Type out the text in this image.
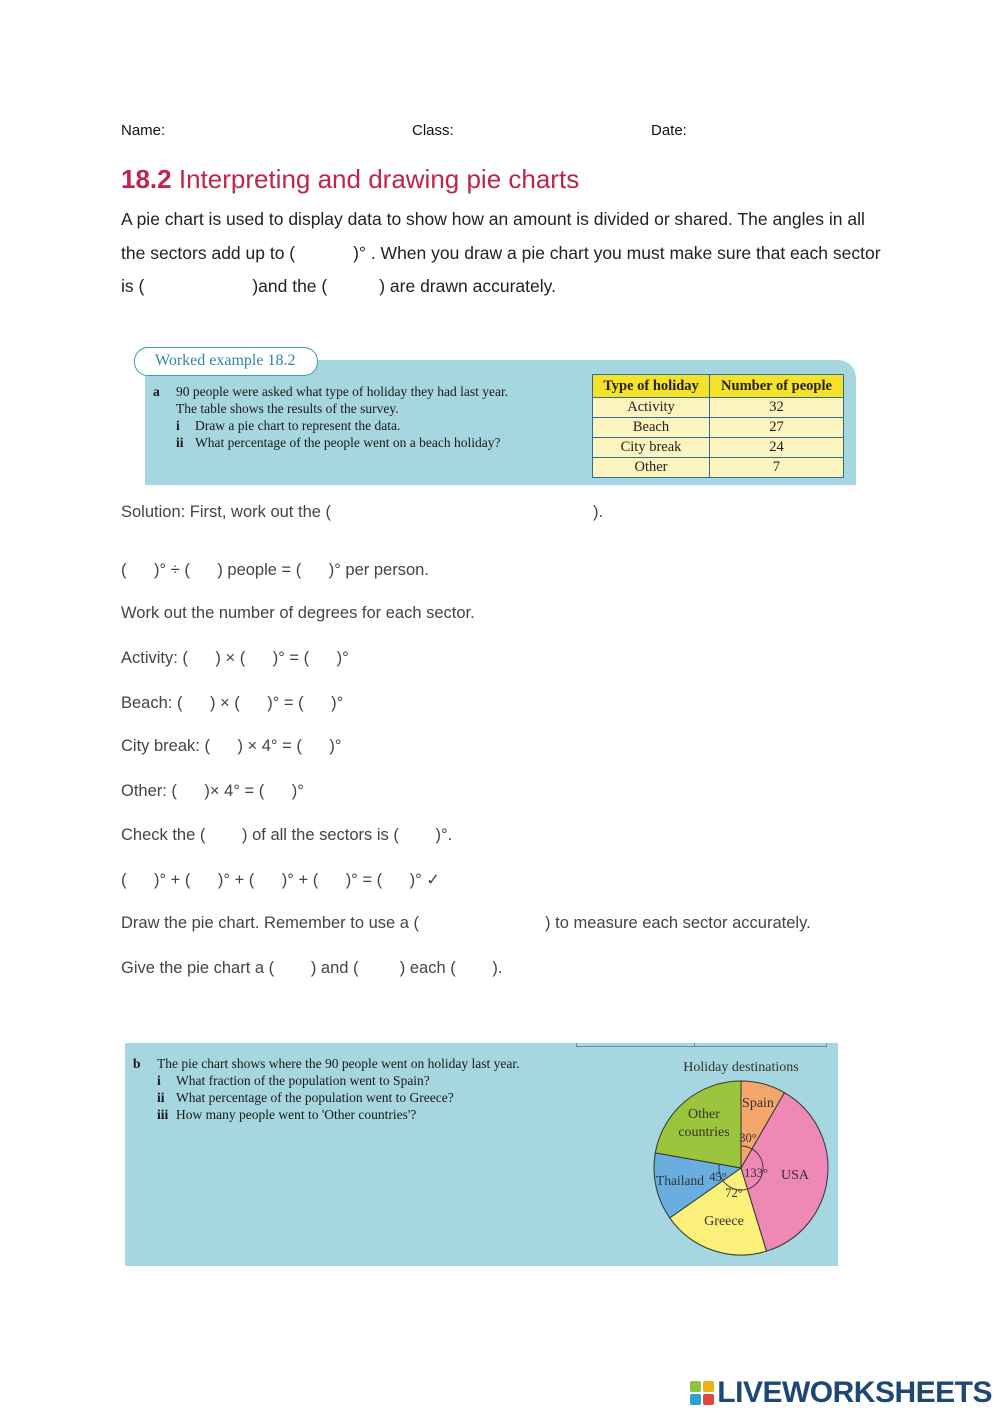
Name:	Class:	Date:
18.2 Interpreting and drawing pie charts
A pie chart is used to display data to show how an amount is divided or shared. The angles in all the sectors add up to (	)° . When you draw a pie chart you must make sure that each sector is (	)and the (	) are drawn accurately.
Worked example 18.2
a 90 people were asked what type of holiday they had last year.
The table shows the results of the survey.
i Draw a pie chart to represent the data.
ii What percentage of the people went on a beach holiday?
Type of holiday	Number of people
Activity	32
Beach	27
City break	24
Other	7
Solution: First, work out the (	).
(      )° ÷ (      ) people = (      )° per person.
Work out the number of degrees for each sector.
Activity: (      ) × (      )° = (      )°
Beach: (      ) × (      )° = (      )°
City break: (      ) × 4° = (      )°
Other: (      )× 4° = (      )°
Check the (        ) of all the sectors is (        )°.
(      )° + (      )° + (      )° + (      )° = (      )° ✓
Draw the pie chart. Remember to use a (	) to measure each sector accurately.
Give the pie chart a (        ) and (         ) each (        ).
b The pie chart shows where the 90 people went on holiday last year.
i What fraction of the population went to Spain?
ii What percentage of the population went to Greece?
iii How many people went to 'Other countries'?
Holiday destinations
Spain
USA
Greece
Thailand
Other
countries 30°
133°
72°
45°
LIVEWORKSHEETS
